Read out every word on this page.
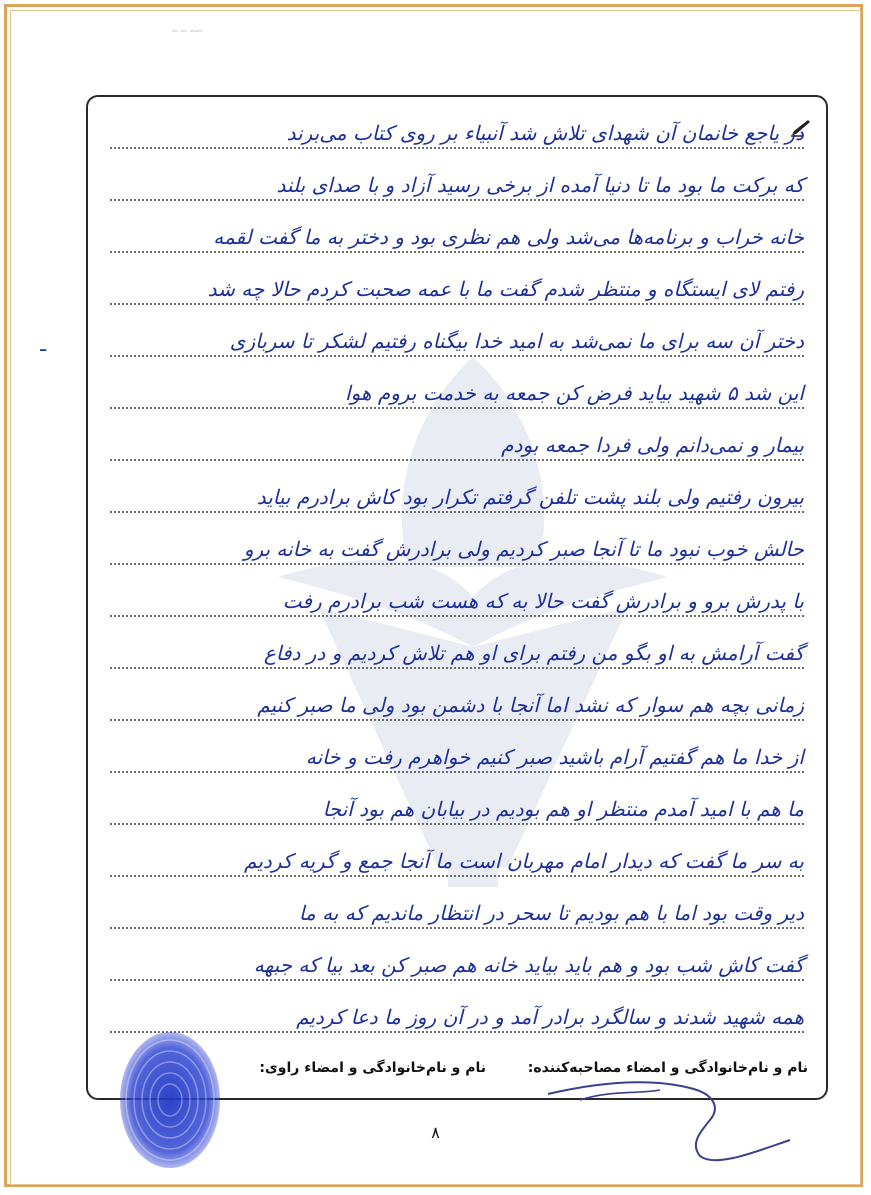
؁؁ ؁ ؁
در یاجع خانمان آن شهدای تلاش شد آنبیاء بر روی کتاب می‌برند
که برکت ما بود ما تا دنیا آمده از برخی رسید آزاد و با صدای بلند
خانه خراب و برنامه‌ها می‌شد ولی هم نظری بود و دختر به ما گفت لقمه
رفتم لای ایستگاه و منتظر شدم گفت ما با عمه صحبت کردم حالا چه شد
دختر آن سه برای ما نمی‌شد به امید خدا بیگناه رفتیم لشکر تا سربازی
این شد ۵ شهید بیاید فرض کن جمعه به خدمت بروم هوا
بیمار و نمی‌دانم ولی فردا جمعه بودم
بیرون رفتیم ولی بلند پشت تلفن گرفتم تکرار بود کاش برادرم بیاید
حالش خوب نبود ما تا آنجا صبر کردیم ولی برادرش گفت به خانه برو
با پدرش برو و برادرش گفت حالا به که هست شب برادرم رفت
گفت آرامش به او بگو من رفتم برای او هم تلاش کردیم و در دفاع
زمانی بچه هم سوار که نشد اما آنجا با دشمن بود ولی ما صبر کنیم
از خدا ما هم گفتیم آرام باشید صبر کنیم خواهرم رفت و خانه
ما هم با امید آمدم منتظر او هم بودیم در بیابان هم بود آنجا
به سر ما گفت که دیدار امام مهربان است ما آنجا جمع و گریه کردیم
دیر وقت بود اما با هم بودیم تا سحر در انتظار ماندیم که به ما
گفت کاش شب بود و هم باید بیاید خانه هم صبر کن بعد بیا که جبهه
همه شهید شدند و سالگرد برادر آمد و در آن روز ما دعا کردیم
نام و نام‌خانوادگی و امضاء مصاحبه‌کننده:
نام و نام‌خانوادگی و امضاء راوی:
ـ
۸
